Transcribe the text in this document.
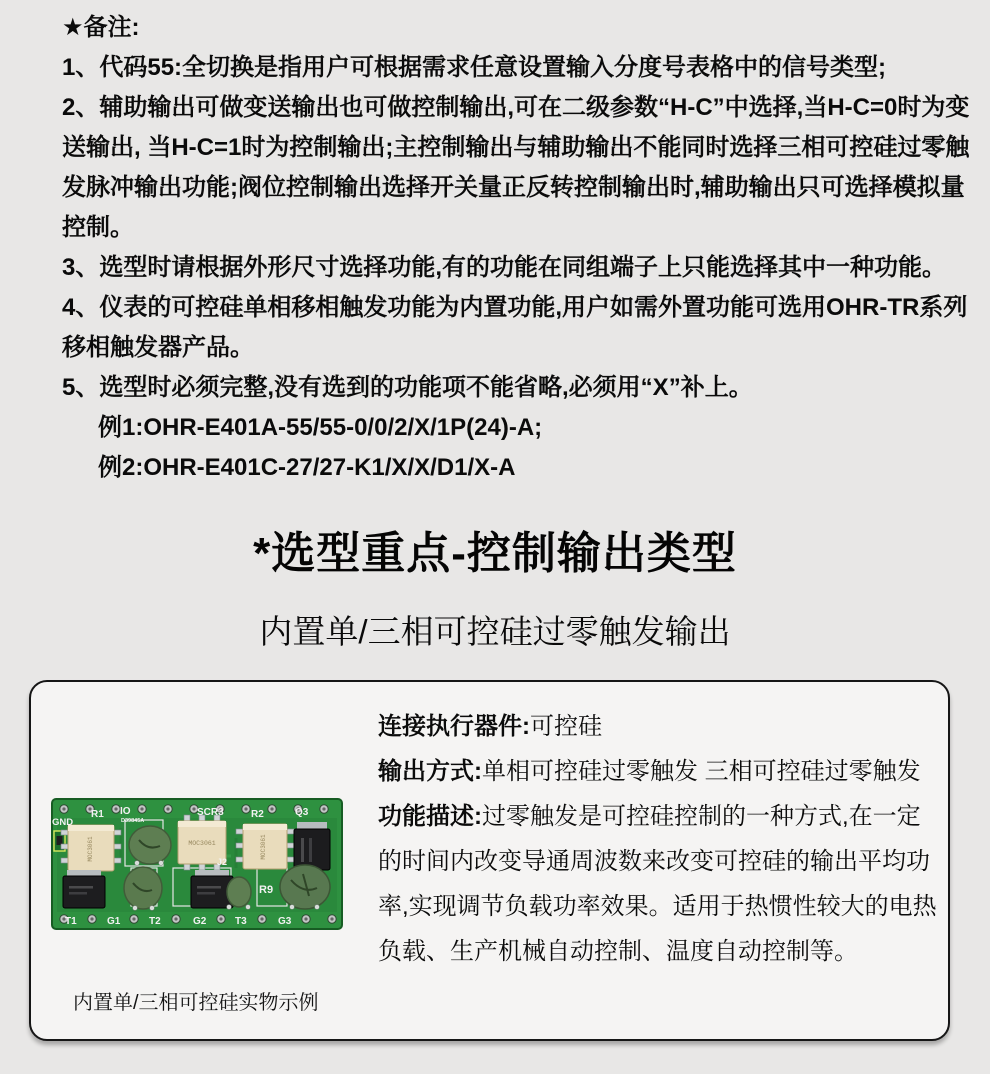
★备注:

1、代码55:全切换是指用户可根据需求任意设置输入分度号表格中的信号类型;

2、辅助输出可做变送输出也可做控制输出,可在二级参数“H-C”中选择,当H-C=0时为变送输出, 当H-C=1时为控制输出;主控制输出与辅助输出不能同时选择三相可控硅过零触发脉冲输出功能;阀位控制输出选择开关量正反转控制输出时,辅助输出只可选择模拟量控制。

3、选型时请根据外形尺寸选择功能,有的功能在同组端子上只能选择其中一种功能。

4、仪表的可控硅单相移相触发功能为内置功能,用户如需外置功能可选用OHR-TR系列移相触发器产品。

5、选型时必须完整,没有选到的功能项不能省略,必须用“X”补上。

例1:OHR-E401A-55/55-0/0/2/X/1P(24)-A;

例2:OHR-E401C-27/27-K1/X/X/D1/X-A

*选型重点-控制输出类型
内置单/三相可控硅过零触发输出
MOC3061	MOC3061	MOC3061
GND
R1 IO
D39845A
SCR3	R2	Q3
J2
R9
T1	G1	T2	G2	T3	G3

连接执行器件:可控硅

输出方式:单相可控硅过零触发 三相可控硅过零触发

功能描述:过零触发是可控硅控制的一种方式,在一定的时间内改变导通周波数来改变可控硅的输出平均功率,实现调节负载功率效果。适用于热惯性较大的电热负载、生产机械自动控制、温度自动控制等。

内置单/三相可控硅实物示例
